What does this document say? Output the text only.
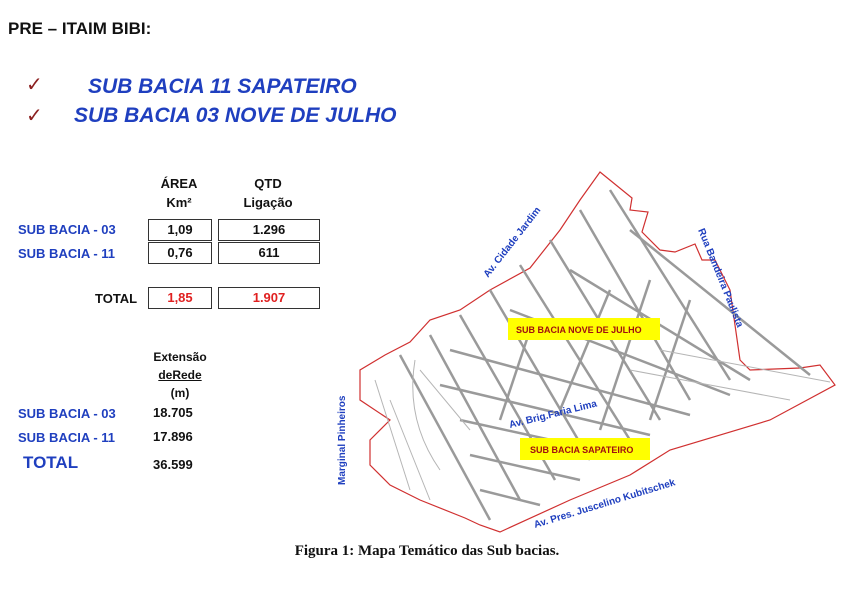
PRE – ITAIM BIBI:
✓ SUB BACIA 11 SAPATEIRO
✓ SUB BACIA 03 NOVE DE JULHO
ÁREA
Km²
QTD
Ligação
SUB BACIA - 03	1,09	1.296
SUB BACIA - 11	0,76	611
TOTAL	1,85	1.907
Extensão
deRede
(m)
SUB BACIA - 03	18.705
SUB BACIA - 11	17.896
TOTAL	36.599
SUB BACIA NOVE DE JULHO
SUB BACIA SAPATEIRO
Av. Cidade Jardim	Rua Bandeira Paulista
Marginal Pinheiros	Av. Brig.Faria Lima
Av. Pres. Juscelino Kubitschek
Figura 1: Mapa Temático das Sub bacias.
